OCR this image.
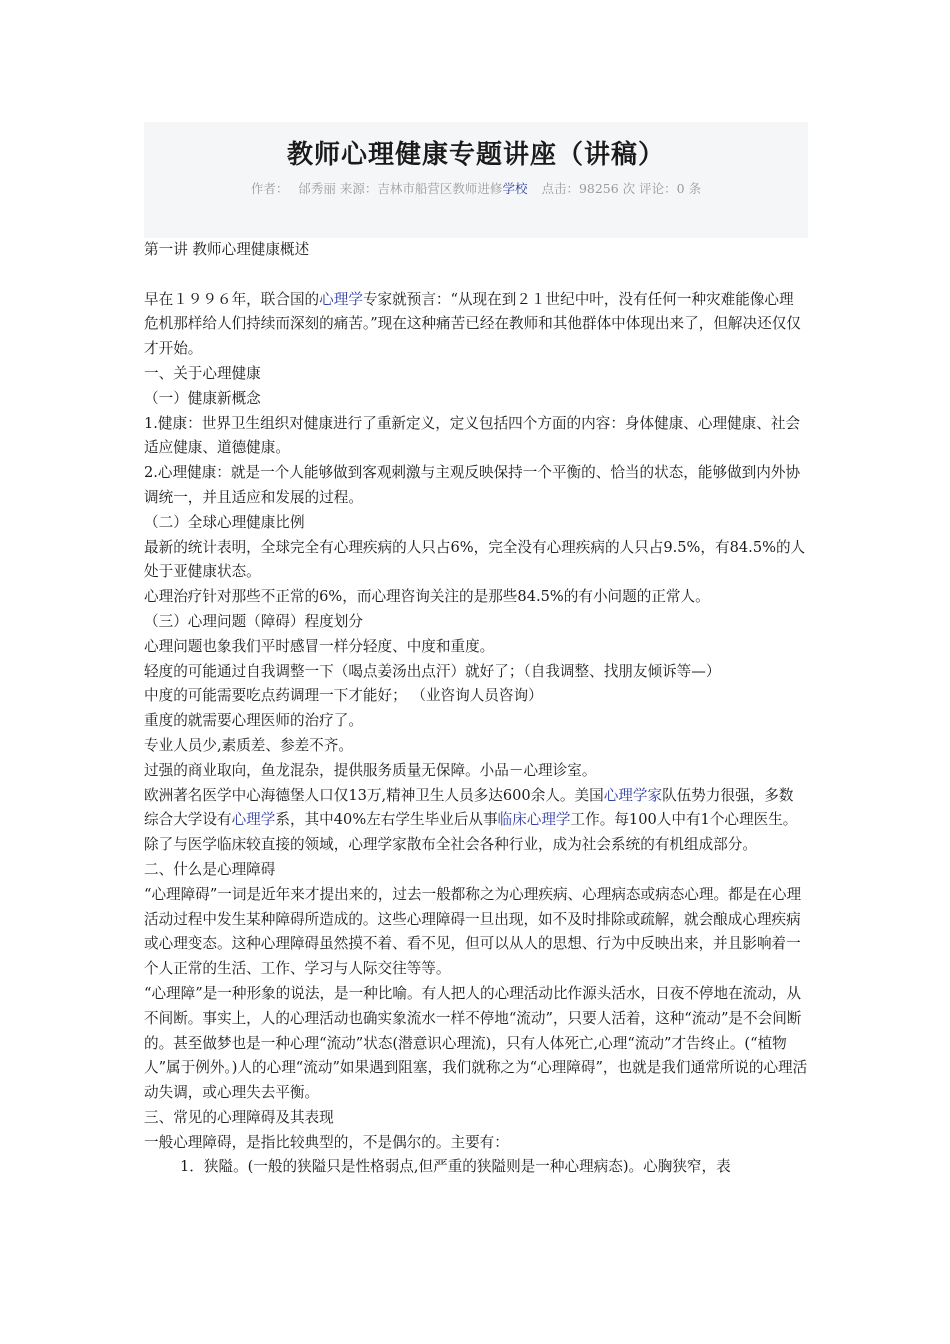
教师心理健康专题讲座（讲稿）
作者： 邰秀丽 来源：吉林市船营区教师进修学校 点击：98256 次 评论：0 条

第一讲 教师心理健康概述

早在１９９６年，联合国的心理学专家就预言：“从现在到２１世纪中叶，没有任何一种灾难能像心理危机那样给人们持续而深刻的痛苦。”现在这种痛苦已经在教师和其他群体中体现出来了，但解决还仅仅才开始。

一、关于心理健康

（一）健康新概念

1.健康：世界卫生组织对健康进行了重新定义，定义包括四个方面的内容：身体健康、心理健康、社会适应健康、道德健康。

2.心理健康：就是一个人能够做到客观刺激与主观反映保持一个平衡的、恰当的状态，能够做到内外协调统一，并且适应和发展的过程。

（二）全球心理健康比例

最新的统计表明，全球完全有心理疾病的人只占6%，完全没有心理疾病的人只占9.5%，有84.5%的人处于亚健康状态。

心理治疗针对那些不正常的6%，而心理咨询关注的是那些84.5%的有小问题的正常人。

（三）心理问题（障碍）程度划分

心理问题也象我们平时感冒一样分轻度、中度和重度。

轻度的可能通过自我调整一下（喝点姜汤出点汗）就好了；（自我调整、找朋友倾诉等—）

中度的可能需要吃点药调理一下才能好； （业咨询人员咨询）

重度的就需要心理医师的治疗了。

专业人员少,素质差、参差不齐。

过强的商业取向，鱼龙混杂，提供服务质量无保障。小品－心理诊室。

欧洲著名医学中心海德堡人口仅13万,精神卫生人员多达600余人。美国心理学家队伍势力很强，多数综合大学设有心理学系，其中40%左右学生毕业后从事临床心理学工作。每100人中有1个心理医生。除了与医学临床较直接的领域，心理学家散布全社会各种行业，成为社会系统的有机组成部分。

二、什么是心理障碍

“心理障碍”一词是近年来才提出来的，过去一般都称之为心理疾病、心理病态或病态心理。都是在心理活动过程中发生某种障碍所造成的。这些心理障碍一旦出现，如不及时排除或疏解，就会酿成心理疾病或心理变态。这种心理障碍虽然摸不着、看不见，但可以从人的思想、行为中反映出来，并且影响着一个人正常的生活、工作、学习与人际交往等等。

“心理障”是一种形象的说法，是一种比喻。有人把人的心理活动比作源头活水，日夜不停地在流动，从不间断。事实上，人的心理活动也确实象流水一样不停地“流动”，只要人活着，这种“流动”是不会间断的。甚至做梦也是一种心理“流动”状态(潜意识心理流)，只有人体死亡,心理“流动”才告终止。(“植物人”属于例外。)人的心理“流动”如果遇到阻塞，我们就称之为“心理障碍”，也就是我们通常所说的心理活动失调，或心理失去平衡。

三、常见的心理障碍及其表现

一般心理障碍，是指比较典型的，不是偶尔的。主要有：

1．狭隘。(一般的狭隘只是性格弱点,但严重的狭隘则是一种心理病态)。心胸狭窄，表
